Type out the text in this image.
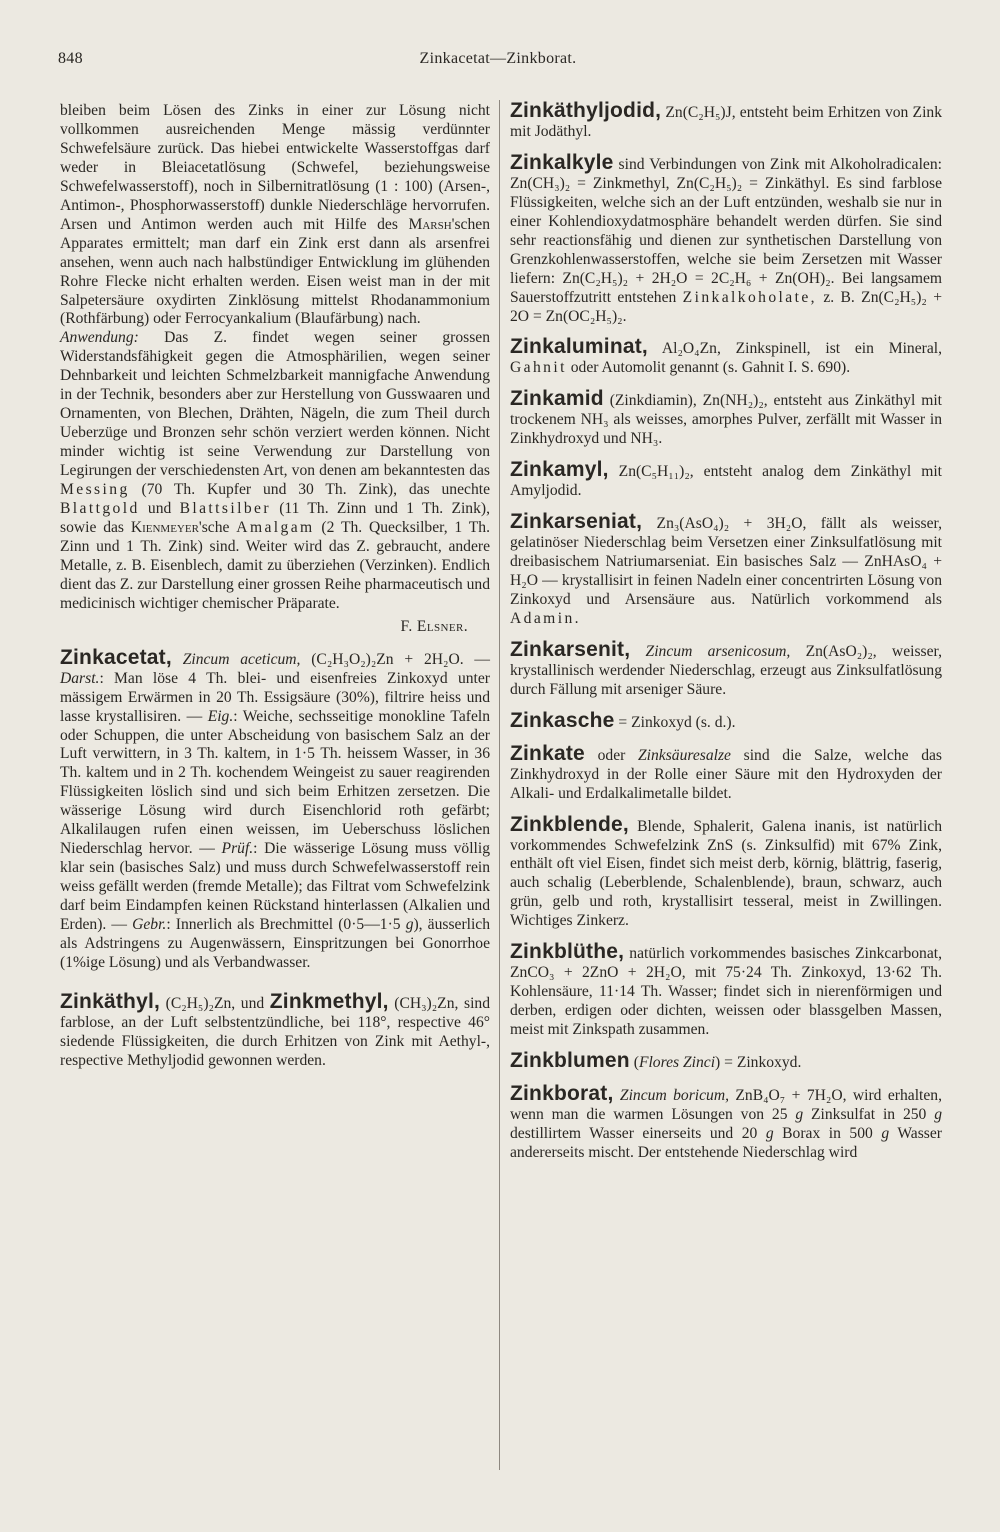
848	Zinkacetat—Zinkborat.

bleiben beim Lösen des Zinks in einer zur Lösung nicht vollkommen ausreichenden Menge mässig verdünnter Schwefelsäure zurück. Das hiebei entwickelte Wasserstoffgas darf weder in Bleiacetatlösung (Schwefel, beziehungsweise Schwefelwasserstoff), noch in Silbernitratlösung (1 : 100) (Arsen-, Antimon-, Phosphorwasserstoff) dunkle Niederschläge hervorrufen. Arsen und Antimon werden auch mit Hilfe des Marsh'schen Apparates ermittelt; man darf ein Zink erst dann als arsenfrei ansehen, wenn auch nach halbstündiger Entwicklung im glühenden Rohre Flecke nicht erhalten werden. Eisen weist man in der mit Salpetersäure oxydirten Zinklösung mittelst Rhodanammonium (Rothfärbung) oder Ferrocyankalium (Blaufärbung) nach.

Anwendung: Das Z. findet wegen seiner grossen Widerstandsfähigkeit gegen die Atmosphärilien, wegen seiner Dehnbarkeit und leichten Schmelzbarkeit mannigfache Anwendung in der Technik, besonders aber zur Herstellung von Gusswaaren und Ornamenten, von Blechen, Drähten, Nägeln, die zum Theil durch Ueberzüge und Bronzen sehr schön verziert werden können. Nicht minder wichtig ist seine Verwendung zur Darstellung von Legirungen der verschiedensten Art, von denen am bekanntesten das Messing (70 Th. Kupfer und 30 Th. Zink), das unechte Blattgold und Blattsilber (11 Th. Zinn und 1 Th. Zink), sowie das Kienmeyer'sche Amalgam (2 Th. Quecksilber, 1 Th. Zinn und 1 Th. Zink) sind. Weiter wird das Z. gebraucht, andere Metalle, z. B. Eisenblech, damit zu überziehen (Verzinken). Endlich dient das Z. zur Darstellung einer grossen Reihe pharmaceutisch und medicinisch wichtiger chemischer Präparate.

F. Elsner.

Zinkacetat, Zincum aceticum, (C₂H₃O₂)₂Zn + 2H₂O. — Darst.: Man löse 4 Th. blei- und eisenfreies Zinkoxyd unter mässigem Erwärmen in 20 Th. Essigsäure (30%), filtrire heiss und lasse krystallisiren. — Eig.: Weiche, sechsseitige monokline Tafeln oder Schuppen, die unter Abscheidung von basischem Salz an der Luft verwittern, in 3 Th. kaltem, in 1·5 Th. heissem Wasser, in 36 Th. kaltem und in 2 Th. kochendem Weingeist zu sauer reagirenden Flüssigkeiten löslich sind und sich beim Erhitzen zersetzen. Die wässerige Lösung wird durch Eisenchlorid roth gefärbt; Alkalilaugen rufen einen weissen, im Ueberschuss löslichen Niederschlag hervor. — Prüf.: Die wässerige Lösung muss völlig klar sein (basisches Salz) und muss durch Schwefelwasserstoff rein weiss gefällt werden (fremde Metalle); das Filtrat vom Schwefelzink darf beim Eindampfen keinen Rückstand hinterlassen (Alkalien und Erden). — Gebr.: Innerlich als Brechmittel (0·5—1·5 g), äusserlich als Adstringens zu Augenwässern, Einspritzungen bei Gonorrhoe (1%ige Lösung) und als Verbandwasser.

Zinkäthyl, (C₂H₅)₂Zn, und Zinkmethyl, (CH₃)₂Zn, sind farblose, an der Luft selbstentzündliche, bei 118°, respective 46° siedende Flüssigkeiten, die durch Erhitzen von Zink mit Aethyl-, respective Methyljodid gewonnen werden.

Zinkäthyljodid, Zn(C₂H₅)J, entsteht beim Erhitzen von Zink mit Jodäthyl.

Zinkalkyle sind Verbindungen von Zink mit Alkoholradicalen: Zn(CH₃)₂ = Zinkmethyl, Zn(C₂H₅)₂ = Zinkäthyl. Es sind farblose Flüssigkeiten, welche sich an der Luft entzünden, weshalb sie nur in einer Kohlendioxydatmosphäre behandelt werden dürfen. Sie sind sehr reactionsfähig und dienen zur synthetischen Darstellung von Grenzkohlenwasserstoffen, welche sie beim Zersetzen mit Wasser liefern: Zn(C₂H₅)₂ + 2H₂O = 2C₂H₆ + Zn(OH)₂. Bei langsamem Sauerstoffzutritt entstehen Zinkalkoholate, z. B. Zn(C₂H₅)₂ + 2O = Zn(OC₂H₅)₂.

Zinkaluminat, Al₂O₄Zn, Zinkspinell, ist ein Mineral, Gahnit oder Automolit genannt (s. Gahnit I. S. 690).

Zinkamid (Zinkdiamin), Zn(NH₂)₂, entsteht aus Zinkäthyl mit trockenem NH₃ als weisses, amorphes Pulver, zerfällt mit Wasser in Zinkhydroxyd und NH₃.

Zinkamyl, Zn(C₅H₁₁)₂, entsteht analog dem Zinkäthyl mit Amyljodid.

Zinkarseniat, Zn₃(AsO₄)₂ + 3H₂O, fällt als weisser, gelatinöser Niederschlag beim Versetzen einer Zinksulfatlösung mit dreibasischem Natriumarseniat. Ein basisches Salz — ZnHAsO₄ + H₂O — krystallisirt in feinen Nadeln einer concentrirten Lösung von Zinkoxyd und Arsensäure aus. Natürlich vorkommend als Adamin.

Zinkarsenit, Zincum arsenicosum, Zn(AsO₂)₂, weisser, krystallinisch werdender Niederschlag, erzeugt aus Zinksulfatlösung durch Fällung mit arseniger Säure.

Zinkasche = Zinkoxyd (s. d.).

Zinkate oder Zinksäuresalze sind die Salze, welche das Zinkhydroxyd in der Rolle einer Säure mit den Hydroxyden der Alkali- und Erdalkalimetalle bildet.

Zinkblende, Blende, Sphalerit, Galena inanis, ist natürlich vorkommendes Schwefelzink ZnS (s. Zinksulfid) mit 67% Zink, enthält oft viel Eisen, findet sich meist derb, körnig, blättrig, faserig, auch schalig (Leberblende, Schalenblende), braun, schwarz, auch grün, gelb und roth, krystallisirt tesseral, meist in Zwillingen. Wichtiges Zinkerz.

Zinkblüthe, natürlich vorkommendes basisches Zinkcarbonat, ZnCO₃ + 2ZnO + 2H₂O, mit 75·24 Th. Zinkoxyd, 13·62 Th. Kohlensäure, 11·14 Th. Wasser; findet sich in nierenförmigen und derben, erdigen oder dichten, weissen oder blassgelben Massen, meist mit Zinkspath zusammen.

Zinkblumen (Flores Zinci) = Zinkoxyd.

Zinkborat, Zincum boricum, ZnB₄O₇ + 7H₂O, wird erhalten, wenn man die warmen Lösungen von 25 g Zinksulfat in 250 g destillirtem Wasser einerseits und 20 g Borax in 500 g Wasser andererseits mischt. Der entstehende Niederschlag wird
